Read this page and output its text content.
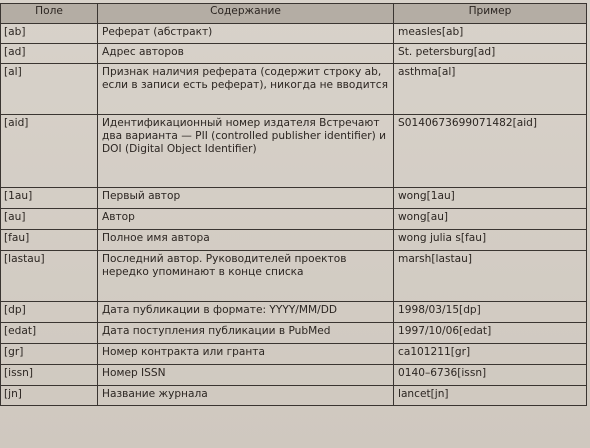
Поле	Содержание	Пример
[ab]	Реферат (абстракт)	measles[ab]
[ad]	Адрес авторов	St. petersburg[ad]
[al]	Признак наличия реферата (содержит строку ab, если в записи есть реферат), никогда не вводится	asthma[al]
[aid]	Идентификационный номер издателя Встречают два варианта — PII (controlled publisher identifier) и DOI (Digital Object Identifier)	S0140673699071482[aid]
[1au]	Первый автор	wong[1au]
[au]	Автор	wong[au]
[fau]	Полное имя автора	wong julia s[fau]
[lastau]	Последний автор. Руководителей проектов нередко упоминают в конце списка	marsh[lastau]
[dp]	Дата публикации в формате: YYYY/MM/DD	1998/03/15[dp]
[edat]	Дата поступления публикации в PubMed	1997/10/06[edat]
[gr]	Номер контракта или гранта	ca101211[gr]
[issn]	Номер ISSN	0140–6736[issn]
[jn]	Название журнала	lancet[jn]
